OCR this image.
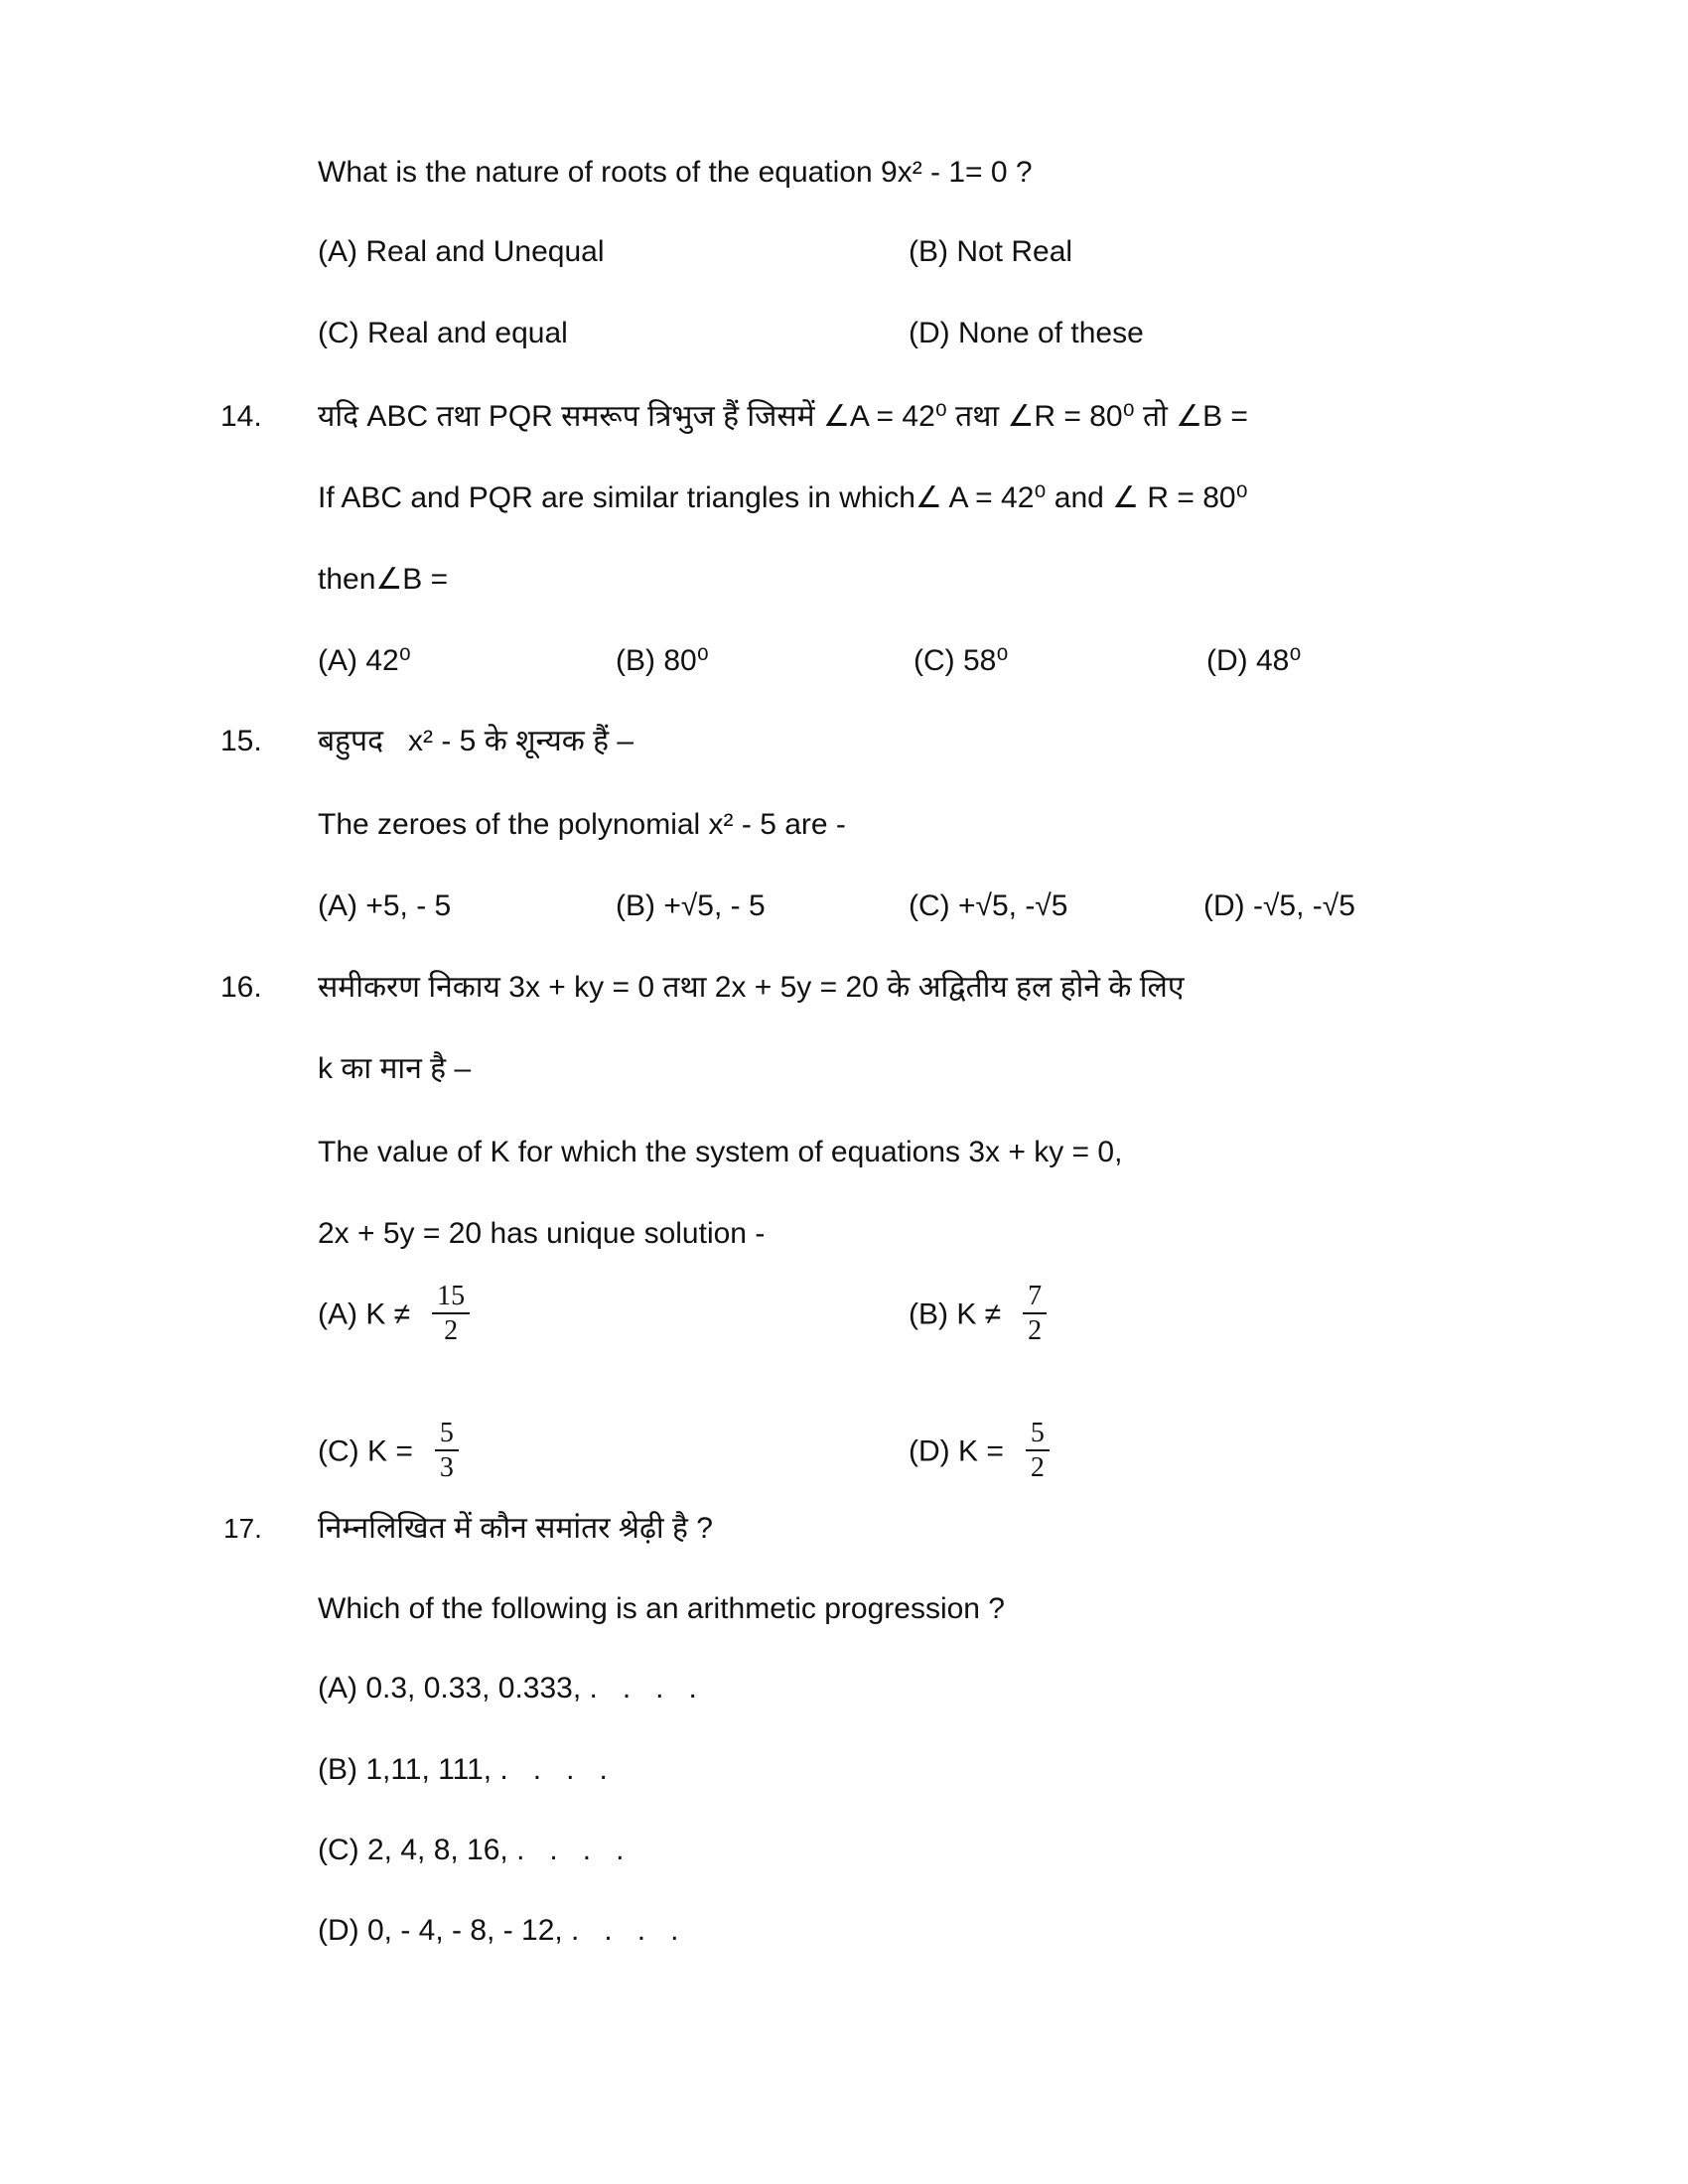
What is the nature of roots of the equation 9x² - 1= 0 ?
(A) Real and Unequal	(B) Not Real
(C) Real and equal	(D) None of these
14. यदि ABC तथा PQR समरूप त्रिभुज हैं जिसमें ∠A = 42⁰ तथा ∠R = 80⁰ तो ∠B =
If ABC and PQR are similar triangles in which∠ A = 42⁰ and ∠ R = 80⁰
then∠B =
(A) 42⁰	(B) 80⁰	(C) 58⁰	(D) 48⁰
15. बहुपद   x² - 5 के शून्यक हैं –
The zeroes of the polynomial x² - 5 are -
(A) +5, - 5	(B) +√5, - 5	(C) +√5, -√5	(D) -√5, -√5
16. समीकरण निकाय 3x + ky = 0 तथा 2x + 5y = 20 के अद्वितीय हल होने के लिए
k का मान है –
The value of K for which the system of equations 3x + ky = 0,
2x + 5y = 20 has unique solution -
(A) $K \ne \frac{15}{2}$	(B) $K \ne \frac{7}{2}$
(C) $K = \frac{5}{3}$	(D) $K = \frac{5}{2}$
17. निम्नलिखित में कौन समांतर श्रेढ़ी है ?
Which of the following is an arithmetic progression ?
(A) 0.3, 0.33, 0.333, .   .   .   .
(B) 1,11, 111, .   .   .   .
(C) 2, 4, 8, 16, .   .   .   .
(D) 0, - 4, - 8, - 12, .   .   .   .
